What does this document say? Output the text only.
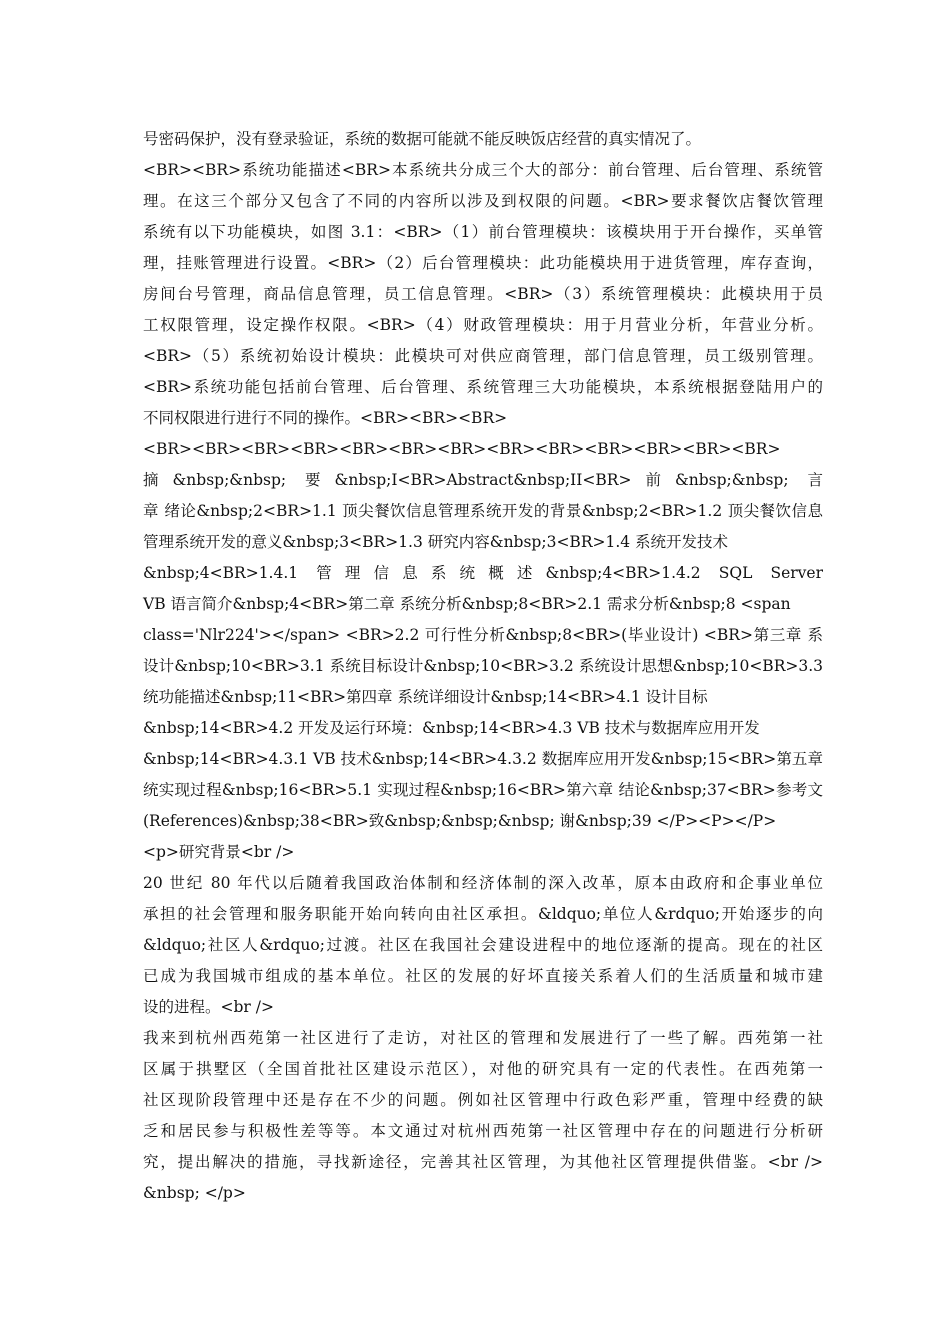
号密码保护，没有登录验证，系统的数据可能就不能反映饭店经营的真实情况了。
<BR><BR>系统功能描述<BR>本系统共分成三个大的部分：前台管理、后台管理、系统管
理。在这三个部分又包含了不同的内容所以涉及到权限的问题。<BR>要求餐饮店餐饮管理
系统有以下功能模块，如图 3.1：<BR>（1）前台管理模块：该模块用于开台操作，买单管
理，挂账管理进行设置。<BR>（2）后台管理模块：此功能模块用于进货管理，库存查询，
房间台号管理，商品信息管理，员工信息管理。<BR>（3）系统管理模块：此模块用于员
工权限管理，设定操作权限。<BR>（4）财政管理模块：用于月营业分析，年营业分析。
<BR>（5）系统初始设计模块：此模块可对供应商管理，部门信息管理，员工级别管理。
<BR>系统功能包括前台管理、后台管理、系统管理三大功能模块，本系统根据登陆用户的
不同权限进行进行不同的操作。<BR><BR><BR>
<BR><BR><BR><BR><BR><BR><BR><BR><BR><BR><BR><BR><BR>
摘&nbsp;&nbsp; 要&nbsp;I<BR>Abstract&nbsp;II<BR>前&nbsp;&nbsp; 言
章 绪论&nbsp;2<BR>1.1 顶尖餐饮信息管理系统开发的背景&nbsp;2<BR>1.2 顶尖餐饮信息
管理系统开发的意义&nbsp;3<BR>1.3 研究内容&nbsp;3<BR>1.4 系统开发技术
&nbsp;4<BR>1.4.1 管理信息系统概述&nbsp;4<BR>1.4.2 SQL Server
VB 语言简介&nbsp;4<BR>第二章 系统分析&nbsp;8<BR>2.1 需求分析&nbsp;8 <span
class='Nlr224'></span> <BR>2.2 可行性分析&nbsp;8<BR>(毕业设计) <BR>第三章 系
设计&nbsp;10<BR>3.1 系统目标设计&nbsp;10<BR>3.2 系统设计思想&nbsp;10<BR>3.3
统功能描述&nbsp;11<BR>第四章 系统详细设计&nbsp;14<BR>4.1 设计目标
&nbsp;14<BR>4.2 开发及运行环境：&nbsp;14<BR>4.3 VB 技术与数据库应用开发
&nbsp;14<BR>4.3.1 VB 技术&nbsp;14<BR>4.3.2 数据库应用开发&nbsp;15<BR>第五章
统实现过程&nbsp;16<BR>5.1 实现过程&nbsp;16<BR>第六章 结论&nbsp;37<BR>参考文
(References)&nbsp;38<BR>致&nbsp;&nbsp;&nbsp; 谢&nbsp;39 </P><P></P>
<p>研究背景<br />
20 世纪 80 年代以后随着我国政治体制和经济体制的深入改革，原本由政府和企事业单位
承担的社会管理和服务职能开始向转向由社区承担。&ldquo;单位人&rdquo;开始逐步的向
&ldquo;社区人&rdquo;过渡。社区在我国社会建设进程中的地位逐渐的提高。现在的社区
已成为我国城市组成的基本单位。社区的发展的好坏直接关系着人们的生活质量和城市建
设的进程。<br />
我来到杭州西苑第一社区进行了走访，对社区的管理和发展进行了一些了解。西苑第一社
区属于拱墅区（全国首批社区建设示范区），对他的研究具有一定的代表性。在西苑第一
社区现阶段管理中还是存在不少的问题。例如社区管理中行政色彩严重，管理中经费的缺
乏和居民参与积极性差等等。本文通过对杭州西苑第一社区管理中存在的问题进行分析研
究，提出解决的措施，寻找新途径，完善其社区管理，为其他社区管理提供借鉴。<br />
&nbsp; </p>
